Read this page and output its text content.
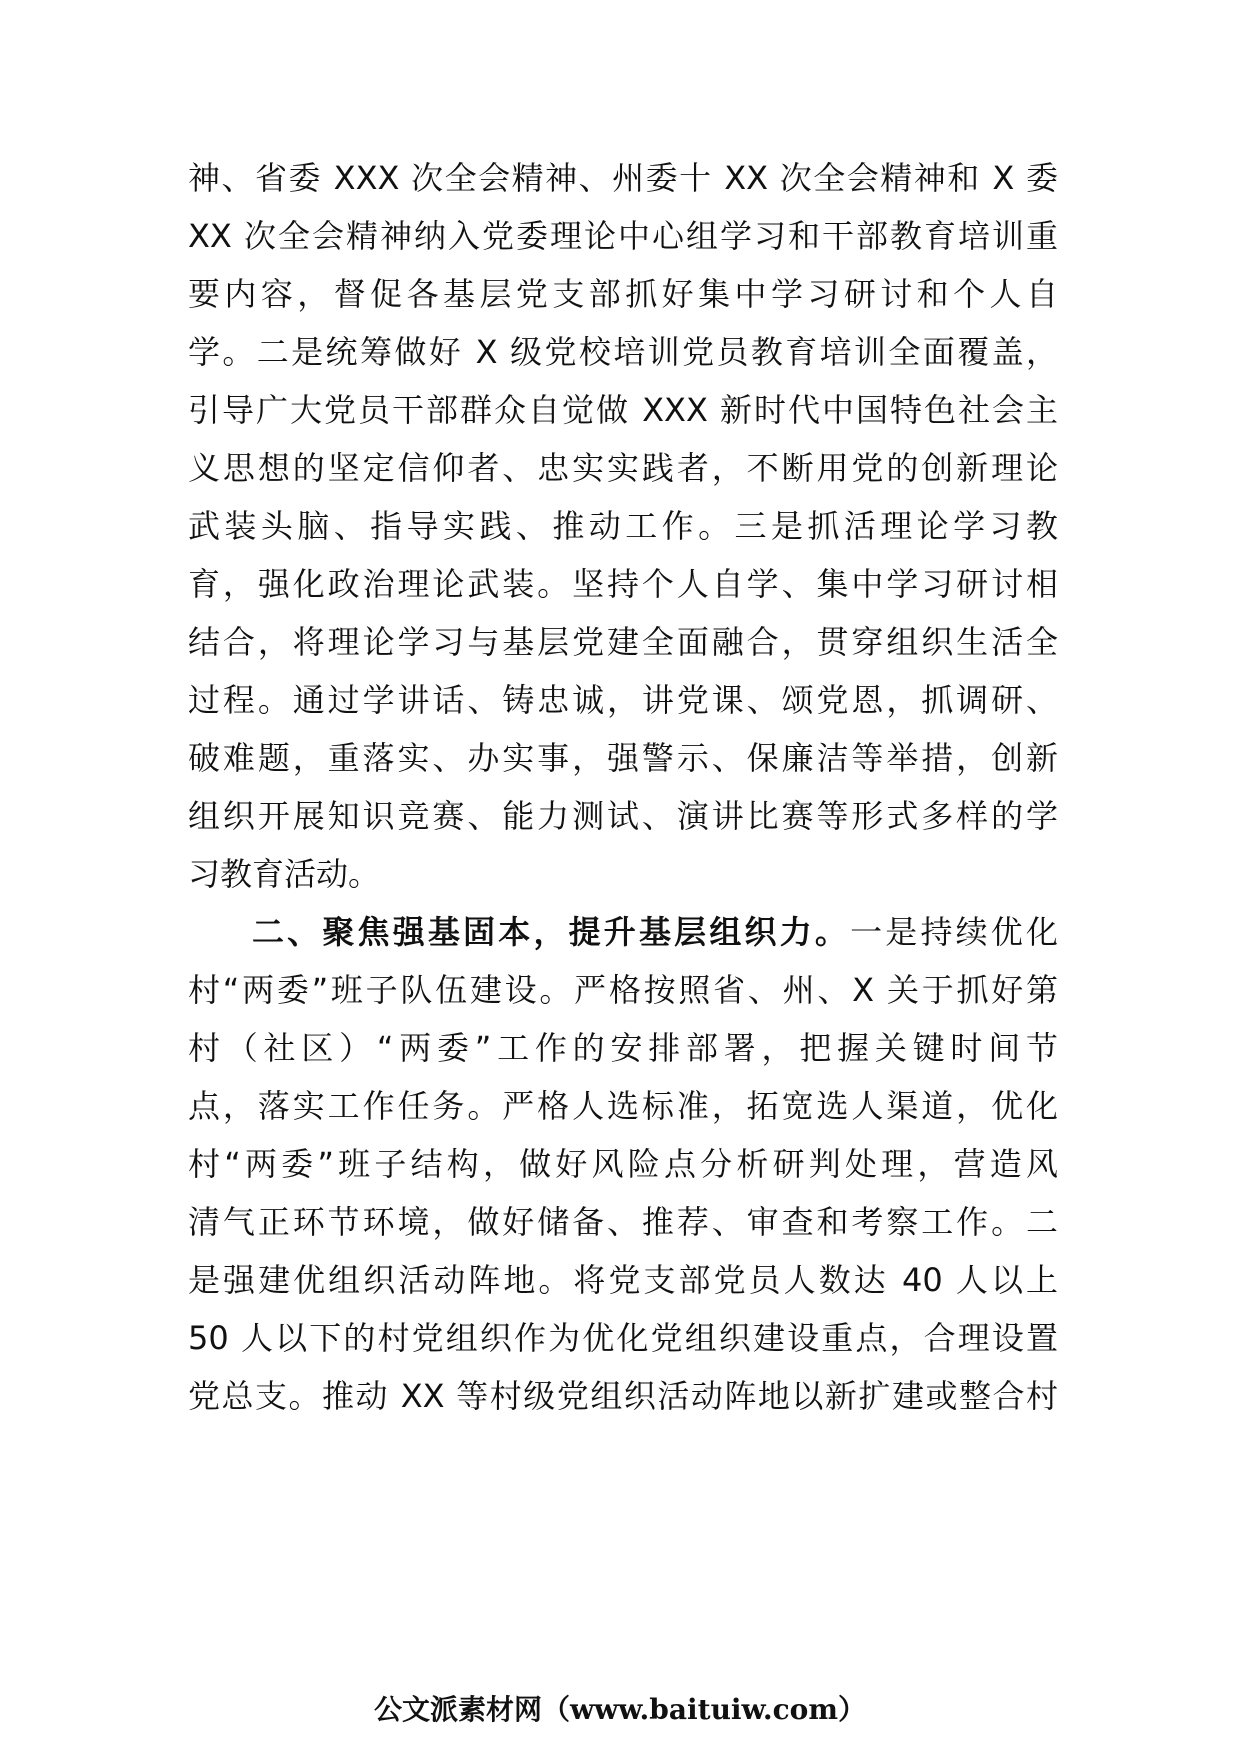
神、省委 XXX 次全会精神、州委十 XX 次全会精神和 X 委
XX 次全会精神纳入党委理论中心组学习和干部教育培训重
要内容，督促各基层党支部抓好集中学习研讨和个人自
学。二是统筹做好 X 级党校培训党员教育培训全面覆盖，
引导广大党员干部群众自觉做 XXX 新时代中国特色社会主
义思想的坚定信仰者、忠实实践者，不断用党的创新理论
武装头脑、指导实践、推动工作。三是抓活理论学习教
育，强化政治理论武装。坚持个人自学、集中学习研讨相
结合，将理论学习与基层党建全面融合，贯穿组织生活全
过程。通过学讲话、铸忠诚，讲党课、颂党恩，抓调研、
破难题，重落实、办实事，强警示、保廉洁等举措，创新
组织开展知识竞赛、能力测试、演讲比赛等形式多样的学
习教育活动。
二、聚焦强基固本，提升基层组织力。一是持续优化
村“两委”班子队伍建设。严格按照省、州、X 关于抓好第
村（社区）“两委”工作的安排部署，把握关键时间节
点，落实工作任务。严格人选标准，拓宽选人渠道，优化
村“两委”班子结构，做好风险点分析研判处理，营造风
清气正环节环境，做好储备、推荐、审查和考察工作。二
是强建优组织活动阵地。将党支部党员人数达 40 人以上
50 人以下的村党组织作为优化党组织建设重点，合理设置
党总支。推动 XX 等村级党组织活动阵地以新扩建或整合村
公文派素材网（www.baituiw.com）
